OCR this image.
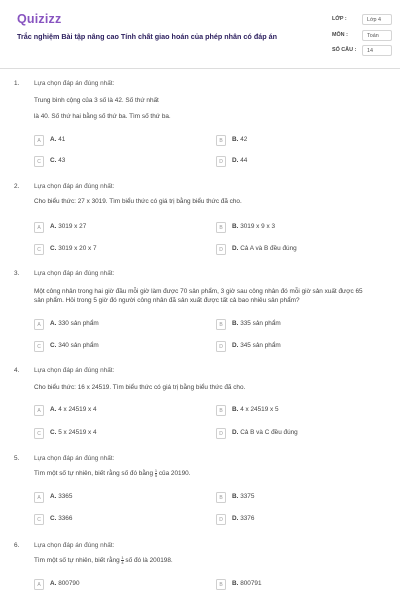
Quizizz
Trắc nghiệm Bài tập nâng cao Tính chất giao hoán của phép nhân có đáp án
LỚP :	Lớp 4
MÔN :	Toán
SỐ CÂU :	14
1. Lựa chọn đáp án đúng nhất:
Trung bình cộng của 3 số là 42. Số thứ nhất
là 40. Số thứ hai bằng số thứ ba. Tìm số thứ ba.
A	A. 41	B	B. 42
C	C. 43	D	D. 44
2. Lựa chọn đáp án đúng nhất:
Cho biểu thức: 27 x 3019. Tìm biểu thức có giá trị bằng biểu thức đã cho.
A	A. 3019 x 27	B	B. 3019 x 9 x 3
C	C. 3019 x 20 x 7	D	D. Cả A và B đều đúng
3. Lựa chọn đáp án đúng nhất:
Một công nhân trong hai giờ đầu mỗi giờ làm được 70 sản phẩm, 3 giờ sau công nhân đó mỗi giờ sản xuất được 65
sản phẩm. Hỏi trong 5 giờ đó người công nhân đã sản xuất được tất cả bao nhiêu sản phẩm?
A	A. 330 sản phẩm	B	B. 335 sản phẩm
C	C. 340 sản phẩm	D	D. 345 sản phẩm
4. Lựa chọn đáp án đúng nhất:
Cho biểu thức: 16 x 24519. Tìm biểu thức có giá trị bằng biểu thức đã cho.
A	A. 4 x 24519 x 4	B	B. 4 x 24519 x 5
C	C. 5 x 24519 x 4	D	D. Cả B và C đều đúng
5. Lựa chọn đáp án đúng nhất:
Tìm một số tự nhiên, biết rằng số đó bằng $\frac{1}{5}$ của 20190.
A	A. 3365	B	B. 3375
C	C. 3366	D	D. 3376
6. Lựa chọn đáp án đúng nhất:
Tìm một số tự nhiên, biết rằng $\frac{1}{4}$ số đó là 200198.
A	A. 800790	B	B. 800791
